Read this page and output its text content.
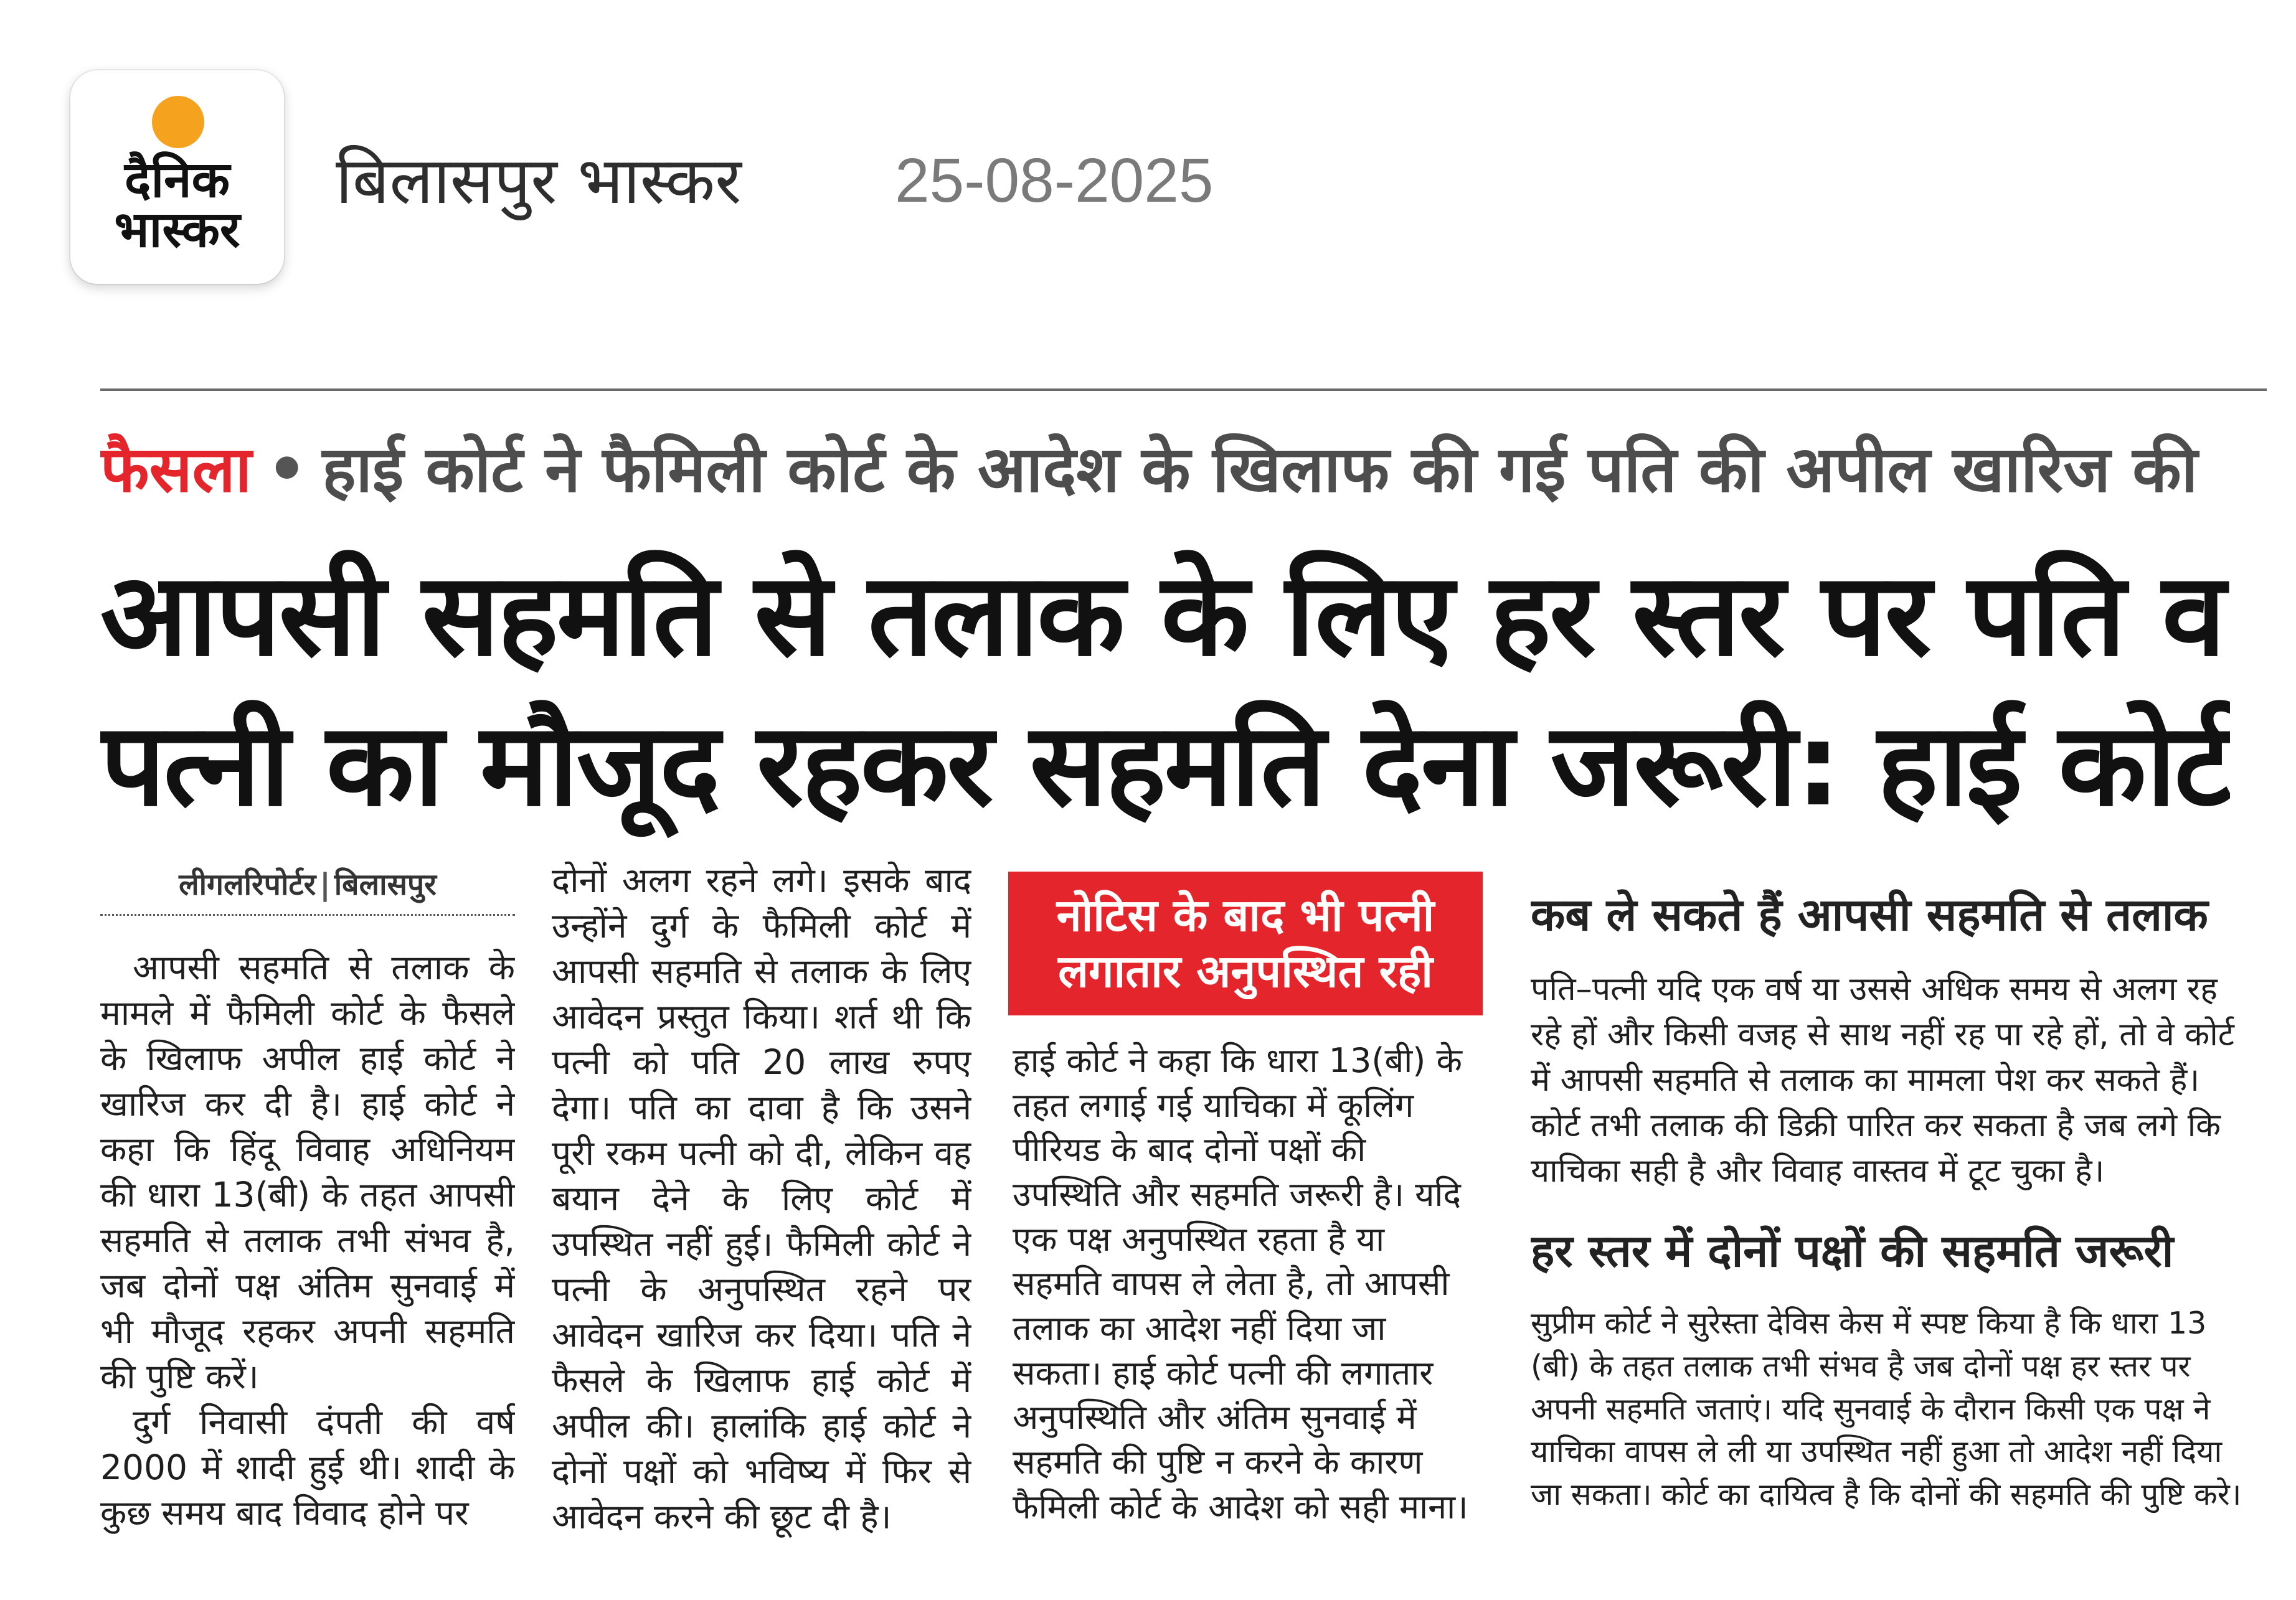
दैनिक
भास्कर
बिलासपुर भास्कर	25-08-2025
फैसला • हाई कोर्ट ने फैमिली कोर्ट के आदेश के खिलाफ की गई पति की अपील खारिज की
आपसी सहमति से तलाक के लिए हर स्तर पर पति व
पत्नी का मौजूद रहकर सहमति देना जरूरी: हाई कोर्ट
लीगलरिपोर्टर | बिलासपुर

आपसी सहमति से तलाक के मामले में फैमिली कोर्ट के फैसले के खिलाफ अपील हाई कोर्ट ने खारिज कर दी है। हाई कोर्ट ने कहा कि हिंदू विवाह अधिनियम की धारा 13(बी) के तहत आपसी सहमति से तलाक तभी संभव है, जब दोनों पक्ष अंतिम सुनवाई में भी मौजूद रहकर अपनी सहमति की पुष्टि करें।

दुर्ग निवासी दंपती की वर्ष 2000 में शादी हुई थी। शादी के कुछ समय बाद विवाद होने पर

दोनों अलग रहने लगे। इसके बाद उन्होंने दुर्ग के फैमिली कोर्ट में आपसी सहमति से तलाक के लिए आवेदन प्रस्तुत किया। शर्त थी कि पत्नी को पति 20 लाख रुपए देगा। पति का दावा है कि उसने पूरी रकम पत्नी को दी, लेकिन वह बयान देने के लिए कोर्ट में उपस्थित नहीं हुई। फैमिली कोर्ट ने पत्नी के अनुपस्थित रहने पर आवेदन खारिज कर दिया। पति ने फैसले के खिलाफ हाई कोर्ट में अपील की। हालांकि हाई कोर्ट ने दोनों पक्षों को भविष्य में फिर से आवेदन करने की छूट दी है।

नोटिस के बाद भी पत्नी
लगातार अनुपस्थित रही
हाई कोर्ट ने कहा कि धारा 13(बी) के तहत लगाई गई याचिका में कूलिंग पीरियड के बाद दोनों पक्षों की उपस्थिति और सहमति जरूरी है। यदि एक पक्ष अनुपस्थित रहता है या सहमति वापस ले लेता है, तो आपसी तलाक का आदेश नहीं दिया जा सकता। हाई कोर्ट पत्नी की लगातार अनुपस्थिति और अंतिम सुनवाई में सहमति की पुष्टि न करने के कारण फैमिली कोर्ट के आदेश को सही माना।
कब ले सकते हैं आपसी सहमति से तलाक
पति–पत्नी यदि एक वर्ष या उससे अधिक समय से अलग रह रहे हों और किसी वजह से साथ नहीं रह पा रहे हों, तो वे कोर्ट में आपसी सहमति से तलाक का मामला पेश कर सकते हैं। कोर्ट तभी तलाक की डिक्री पारित कर सकता है जब लगे कि याचिका सही है और विवाह वास्तव में टूट चुका है।
हर स्तर में दोनों पक्षों की सहमति जरूरी
सुप्रीम कोर्ट ने सुरेस्ता देविस केस में स्पष्ट किया है कि धारा 13 (बी) के तहत तलाक तभी संभव है जब दोनों पक्ष हर स्तर पर अपनी सहमति जताएं। यदि सुनवाई के दौरान किसी एक पक्ष ने याचिका वापस ले ली या उपस्थित नहीं हुआ तो आदेश नहीं दिया जा सकता। कोर्ट का दायित्व है कि दोनों की सहमति की पुष्टि करे।
